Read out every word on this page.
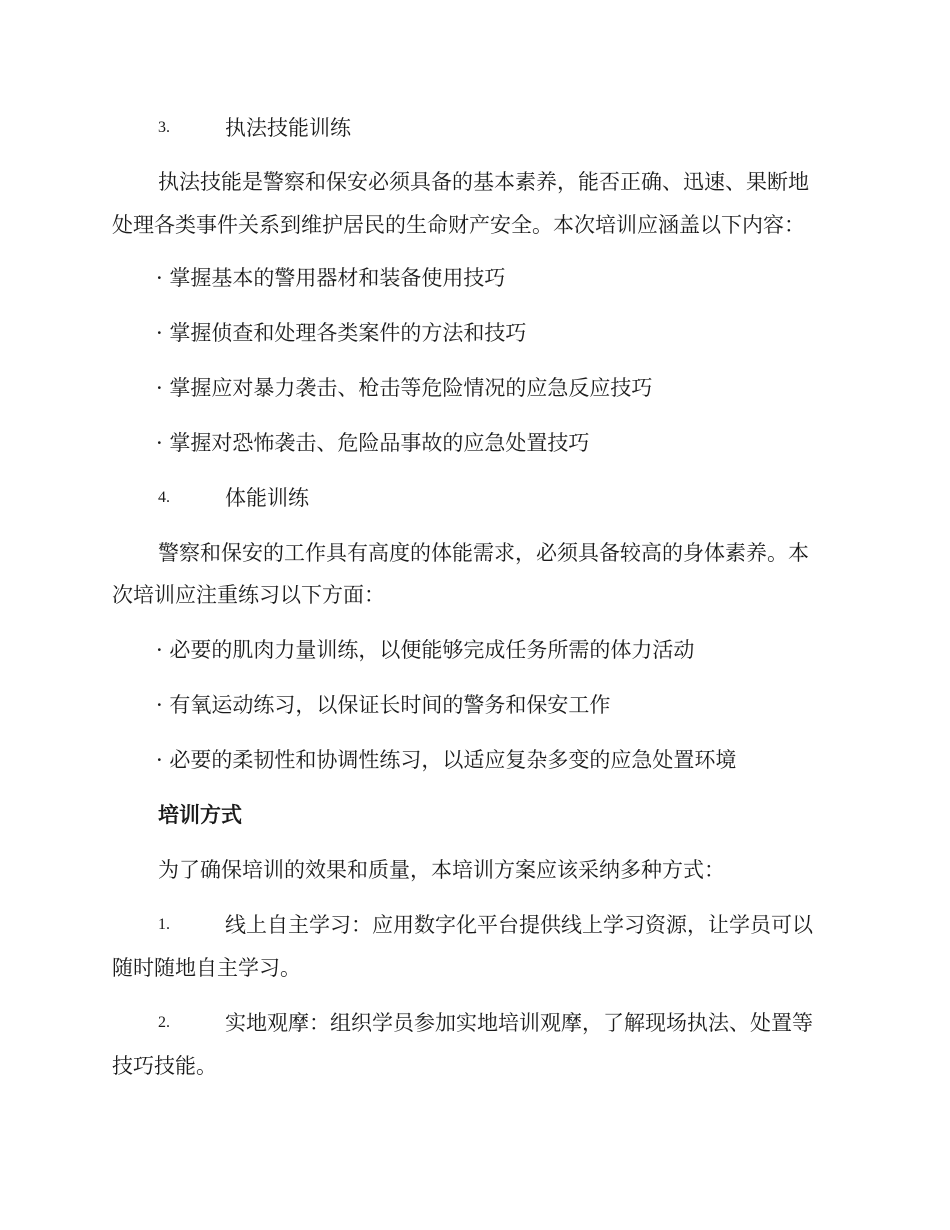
3.	执法技能训练
执法技能是警察和保安必须具备的基本素养，能否正确、迅速、果断地
处理各类事件关系到维护居民的生命财产安全。本次培训应涵盖以下内容：
· 掌握基本的警用器材和装备使用技巧
· 掌握侦查和处理各类案件的方法和技巧
· 掌握应对暴力袭击、枪击等危险情况的应急反应技巧
· 掌握对恐怖袭击、危险品事故的应急处置技巧
4.	体能训练
警察和保安的工作具有高度的体能需求，必须具备较高的身体素养。本
次培训应注重练习以下方面：
· 必要的肌肉力量训练，以便能够完成任务所需的体力活动
· 有氧运动练习，以保证长时间的警务和保安工作
· 必要的柔韧性和协调性练习，以适应复杂多变的应急处置环境
培训方式
为了确保培训的效果和质量，本培训方案应该采纳多种方式：
1.	线上自主学习：应用数字化平台提供线上学习资源，让学员可以
随时随地自主学习。
2.	实地观摩：组织学员参加实地培训观摩，了解现场执法、处置等
技巧技能。
